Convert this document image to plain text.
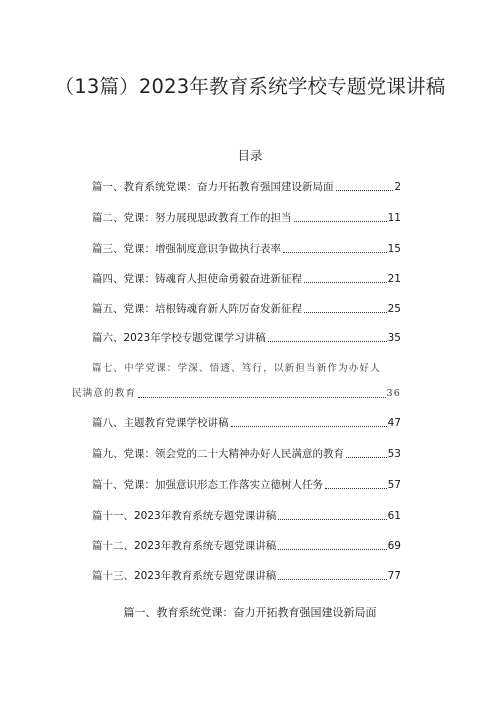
（13篇）2023年教育系统学校专题党课讲稿
目录
篇一、教育系统党课：奋力开拓教育强国建设新局面	2
篇二、党课：努力展现思政教育工作的担当	11
篇三、党课：增强制度意识争做执行表率	15
篇四、党课：铸魂育人担使命勇毅奋进新征程	21
篇五、党课：培根铸魂育新人阵厉奋发新征程	25
篇六、2023年学校专题党课学习讲稿	35
篇七、中学党课：学深、悟透、笃行，以新担当新作为办好人
民满意的教育	36
篇八、主题教育党课学校讲稿	47
篇九、党课：领会党的二十大精神办好人民满意的教育	53
篇十、党课：加强意识形态工作落实立德树人任务	57
篇十一、2023年教育系统专题党课讲稿	61
篇十二、2023年教育系统专题党课讲稿	69
篇十三、2023年教育系统专题党课讲稿	77
篇一、教育系统党课：奋力开拓教育强国建设新局面
